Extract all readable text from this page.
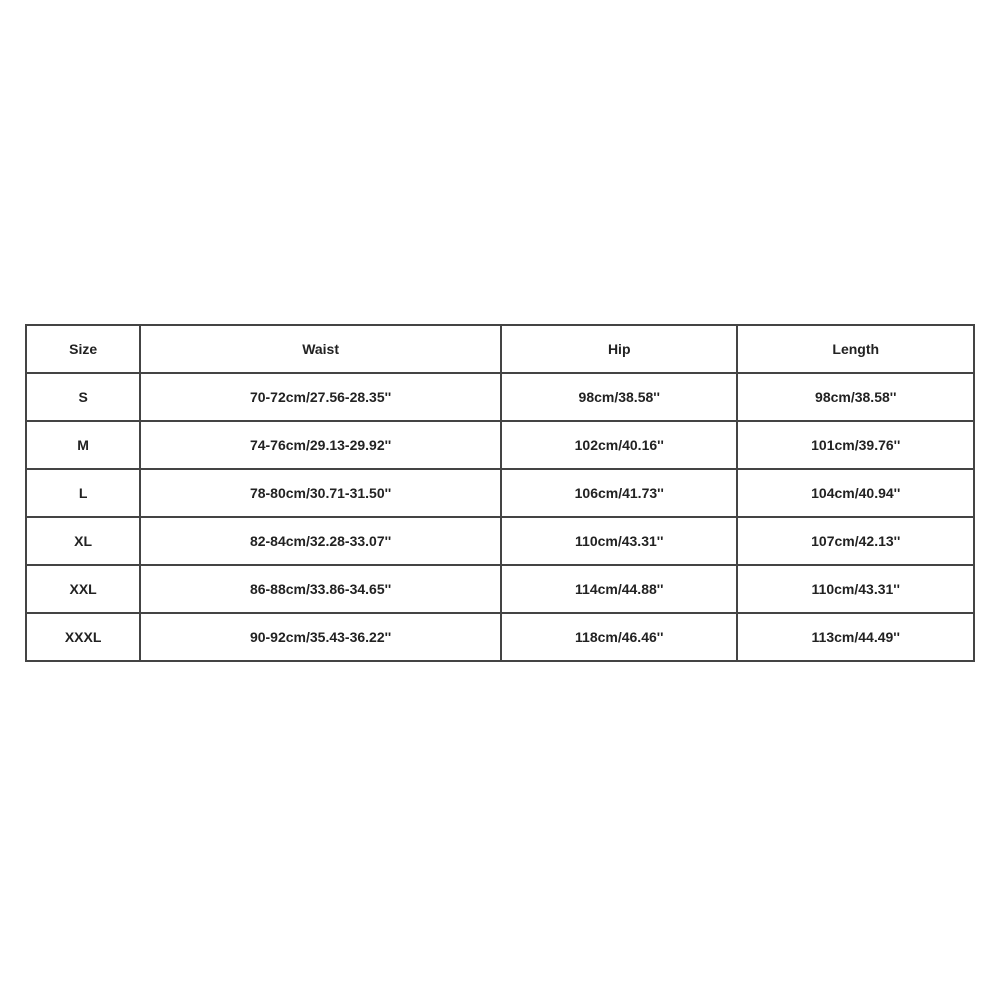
Size	Waist	Hip	Length
S	70-72cm/27.56-28.35''	98cm/38.58''	98cm/38.58''
M	74-76cm/29.13-29.92''	102cm/40.16''	101cm/39.76''
L	78-80cm/30.71-31.50''	106cm/41.73''	104cm/40.94''
XL	82-84cm/32.28-33.07''	110cm/43.31''	107cm/42.13''
XXL	86-88cm/33.86-34.65''	114cm/44.88''	110cm/43.31''
XXXL	90-92cm/35.43-36.22''	118cm/46.46''	113cm/44.49''
